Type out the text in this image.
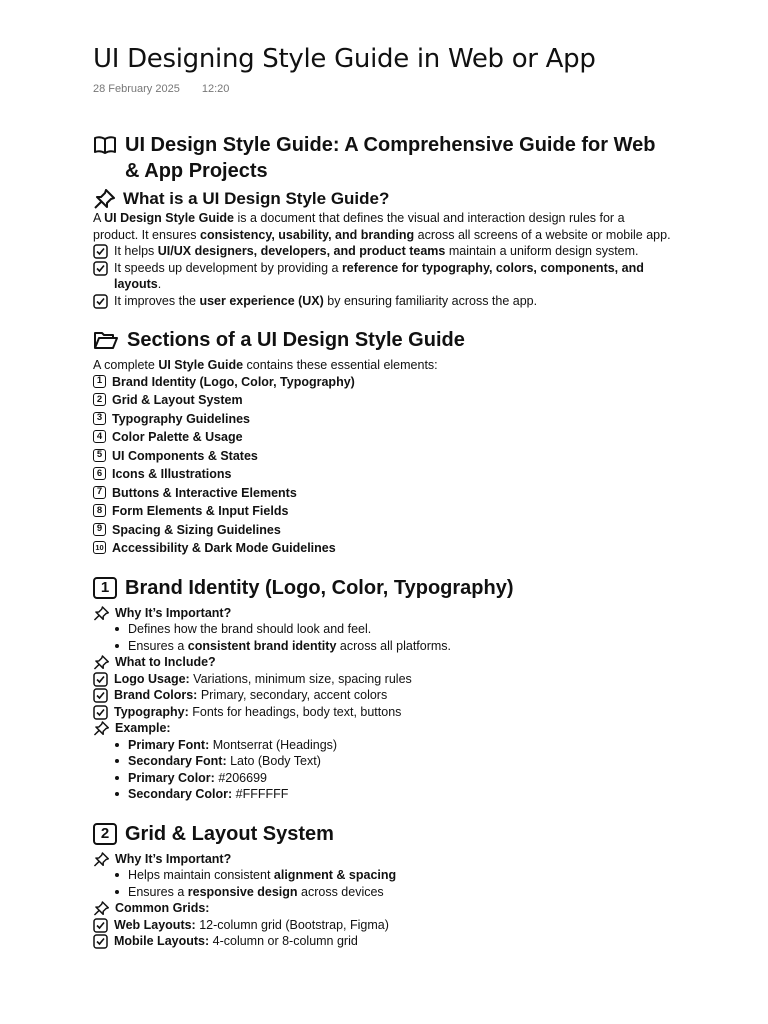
UI Designing Style Guide in Web or App
28 February 2025 12:20
UI Design Style Guide: A Comprehensive Guide for Web & App Projects
What is a UI Design Style Guide?

A UI Design Style Guide is a document that defines the visual and interaction design rules for a product. It ensures consistency, usability, and branding across all screens of a website or mobile app.

It helps UI/UX designers, developers, and product teams maintain a uniform design system.
It speeds up development by providing a reference for typography, colors, components, and layouts.
It improves the user experience (UX) by ensuring familiarity across the app.
Sections of a UI Design Style Guide

A complete UI Style Guide contains these essential elements:

1 Brand Identity (Logo, Color, Typography)
2 Grid & Layout System
3 Typography Guidelines
4 Color Palette & Usage
5 UI Components & States
6 Icons & Illustrations
7 Buttons & Interactive Elements
8 Form Elements & Input Fields
9 Spacing & Sizing Guidelines
10 Accessibility & Dark Mode Guidelines
1 Brand Identity (Logo, Color, Typography)
Why It’s Important?
Defines how the brand should look and feel.
Ensures a consistent brand identity across all platforms.
What to Include?
Logo Usage: Variations, minimum size, spacing rules
Brand Colors: Primary, secondary, accent colors
Typography: Fonts for headings, body text, buttons
Example:
Primary Font: Montserrat (Headings)
Secondary Font: Lato (Body Text)
Primary Color: #206699
Secondary Color: #FFFFFF
2 Grid & Layout System
Why It’s Important?
Helps maintain consistent alignment & spacing
Ensures a responsive design across devices
Common Grids:
Web Layouts: 12-column grid (Bootstrap, Figma)
Mobile Layouts: 4-column or 8-column grid
